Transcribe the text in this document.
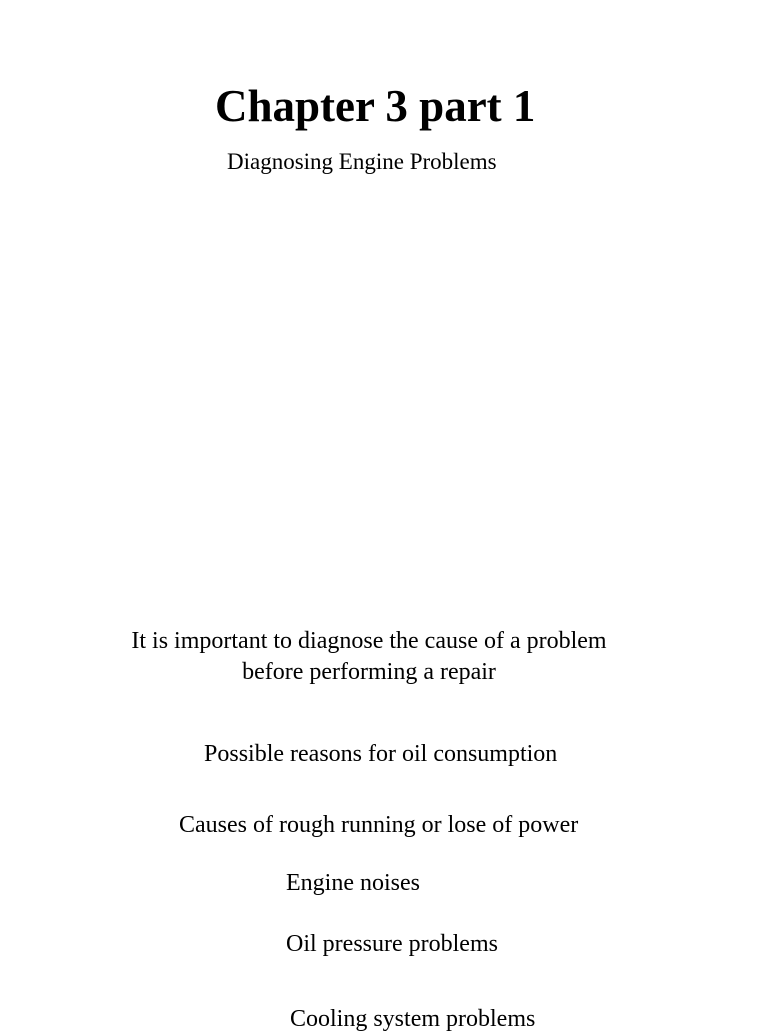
Chapter 3 part 1
Diagnosing Engine Problems
It is important to diagnose the cause of a problem
before performing a repair
Possible reasons for oil consumption
Causes of rough running or lose of power
Engine noises
Oil pressure problems
Cooling system problems
